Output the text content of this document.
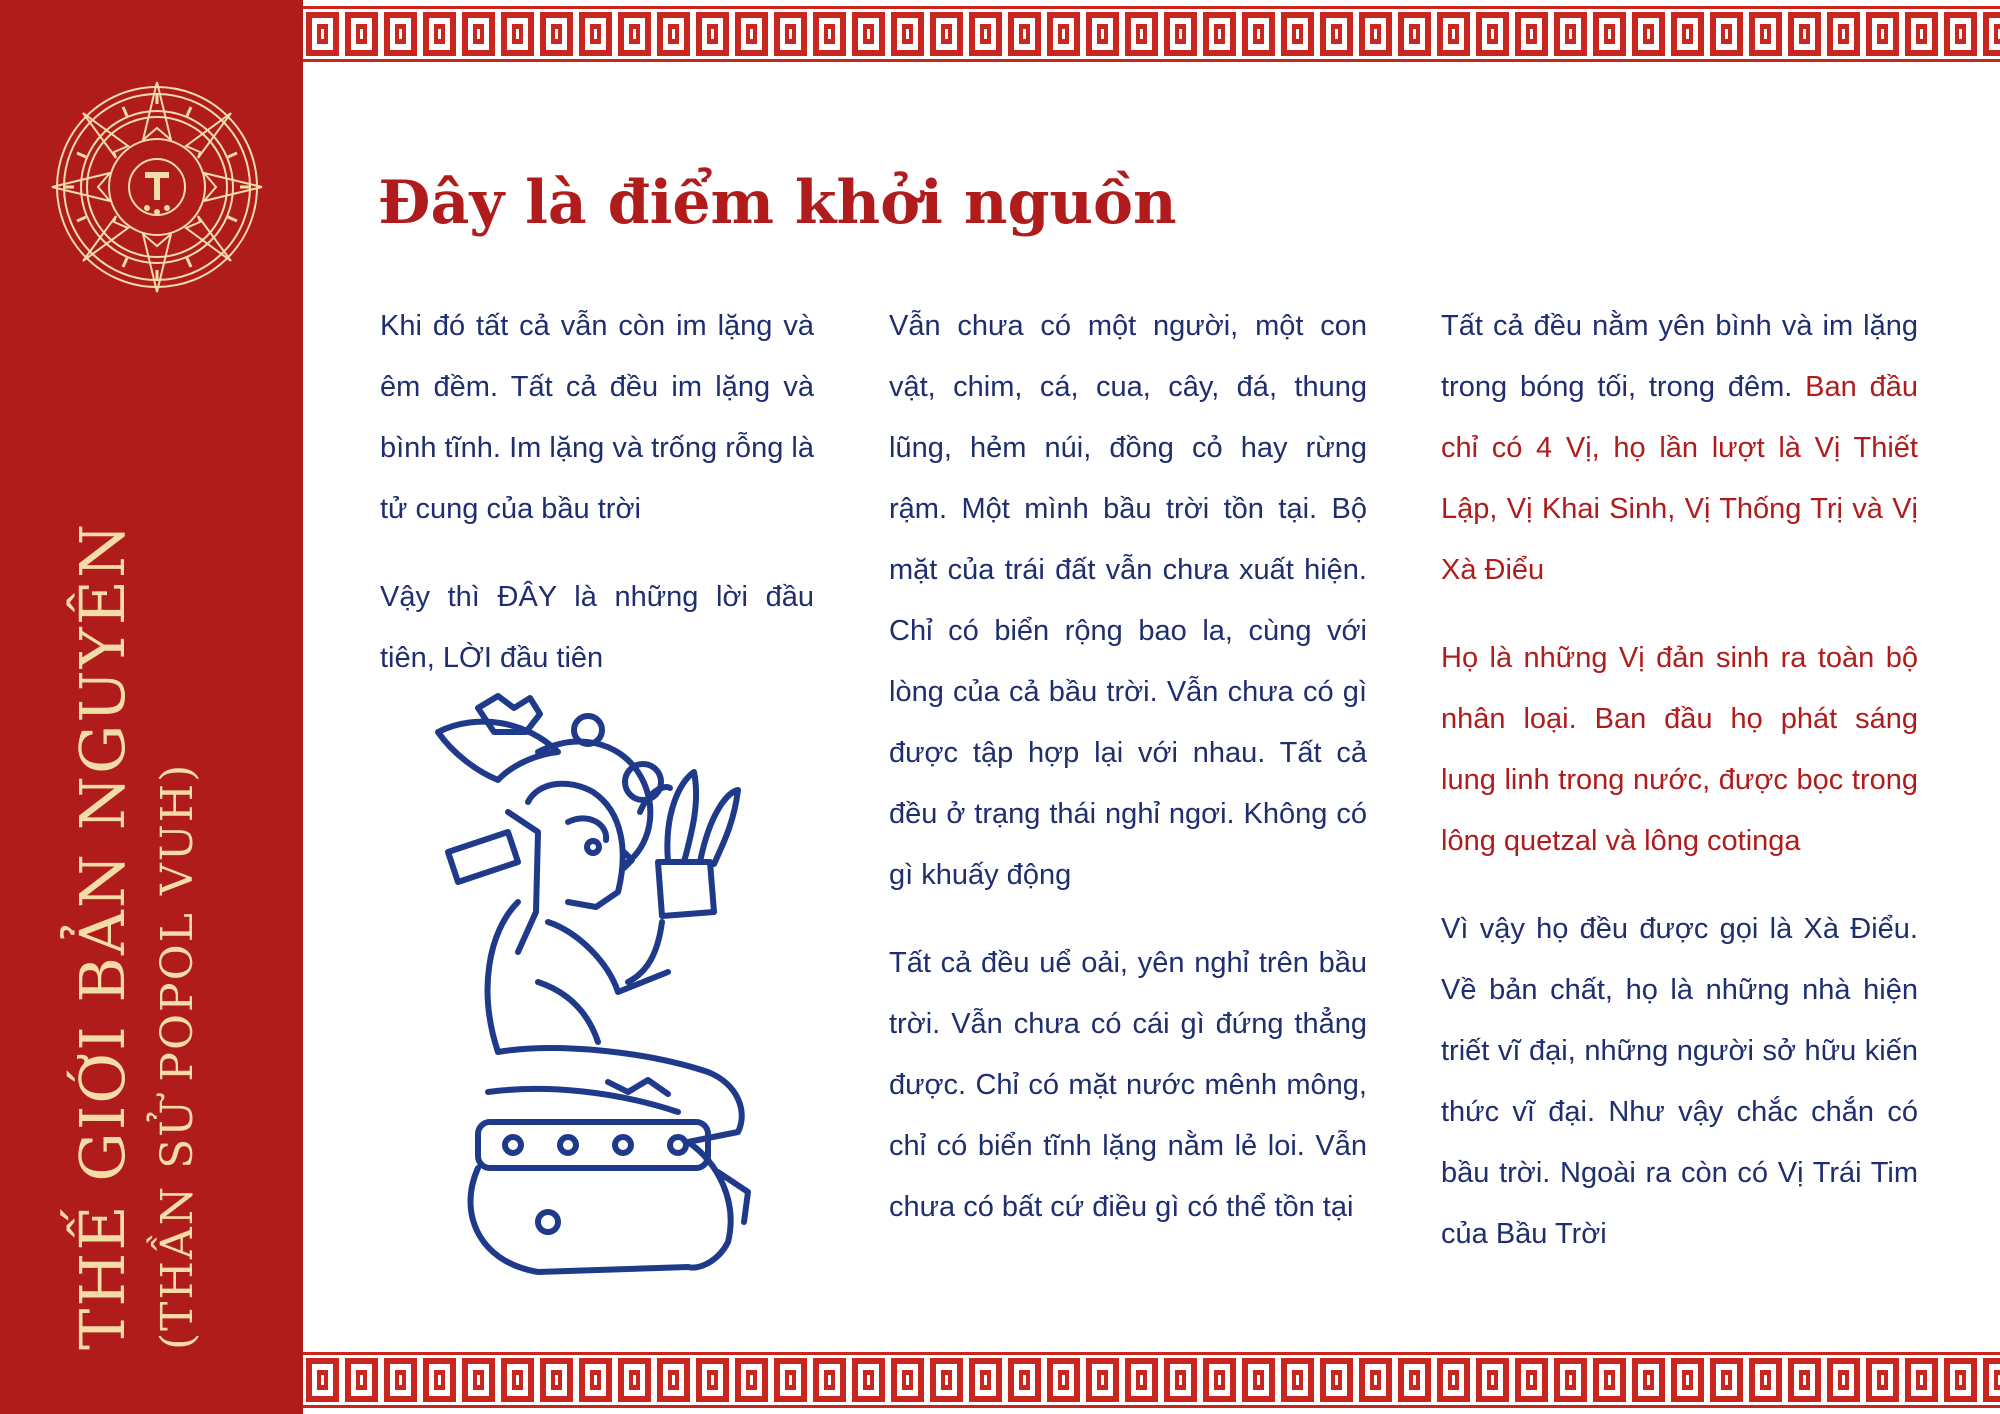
THẾ GIỚI BẢN NGUYÊN (THẦN SỬ POPOL VUH)
Đây là điểm khởi nguồn

Khi đó tất cả vẫn còn im lặng và êm đềm. Tất cả đều im lặng và bình tĩnh. Im lặng và trống rỗng là tử cung của bầu trời

Vậy thì ĐÂY là những lời đầu tiên, LỜI đầu tiên

Vẫn chưa có một người, một con vật, chim, cá, cua, cây, đá, thung lũng, hẻm núi, đồng cỏ hay rừng rậm. Một mình bầu trời tồn tại. Bộ mặt của trái đất vẫn chưa xuất hiện. Chỉ có biển rộng bao la, cùng với lòng của cả bầu trời. Vẫn chưa có gì được tập hợp lại với nhau. Tất cả đều ở trạng thái nghỉ ngơi. Không có gì khuấy động

Tất cả đều uể oải, yên nghỉ trên bầu trời. Vẫn chưa có cái gì đứng thẳng được. Chỉ có mặt nước mênh mông, chỉ có biển tĩnh lặng nằm lẻ loi. Vẫn chưa có bất cứ điều gì có thể tồn tại

Tất cả đều nằm yên bình và im lặng trong bóng tối, trong đêm. Ban đầu chỉ có 4 Vị, họ lần lượt là Vị Thiết Lập, Vị Khai Sinh, Vị Thống Trị và Vị Xà Điểu

Họ là những Vị đản sinh ra toàn bộ nhân loại. Ban đầu họ phát sáng lung linh trong nước, được bọc trong lông quetzal và lông cotinga

Vì vậy họ đều được gọi là Xà Điểu. Về bản chất, họ là những nhà hiện triết vĩ đại, những người sở hữu kiến thức vĩ đại. Như vậy chắc chắn có bầu trời. Ngoài ra còn có Vị Trái Tim của Bầu Trời
